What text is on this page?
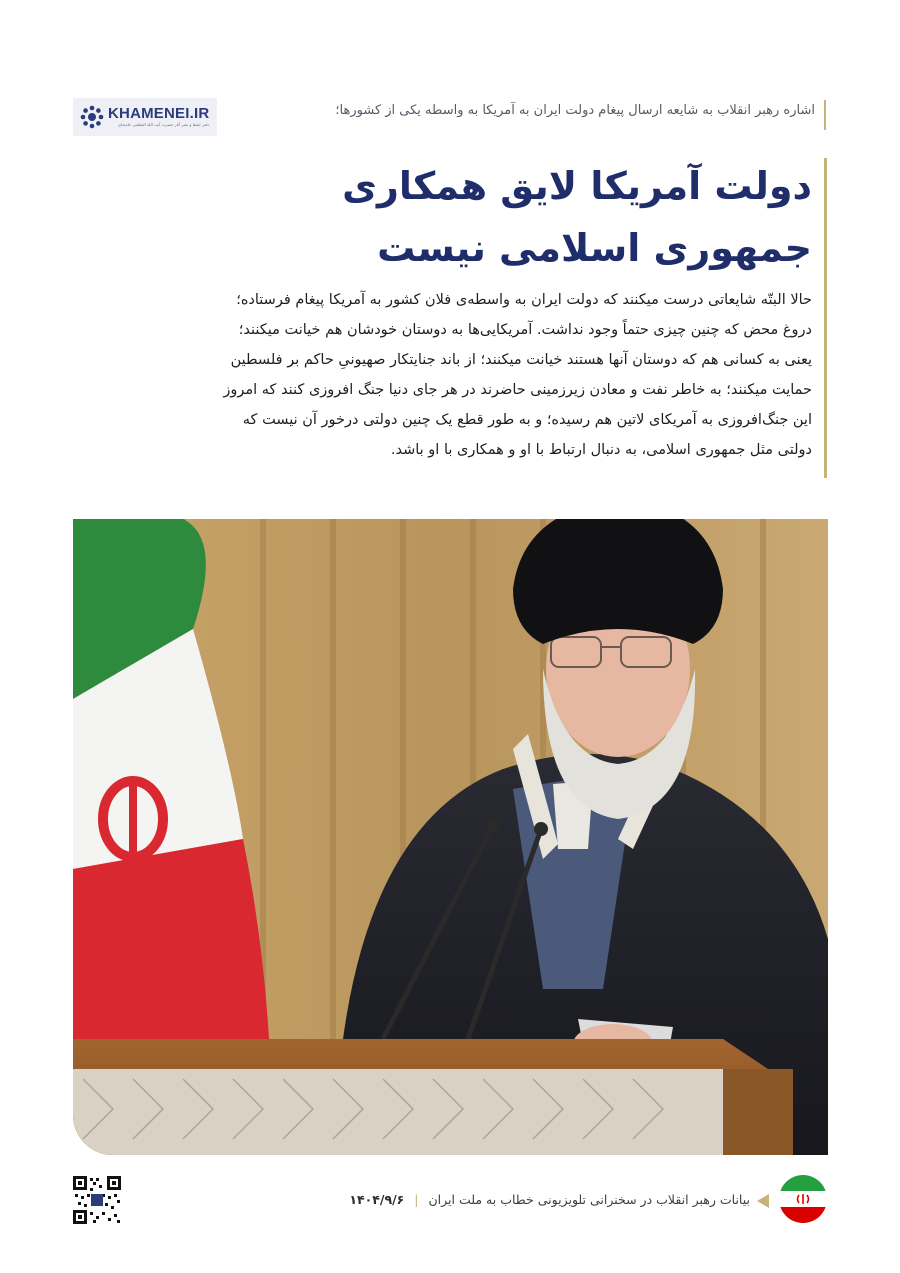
KHAMENEI.IR
دفتر حفظ و نشر آثار حضرت آیت الله العظمی خامنه‌ای
اشاره رهبر انقلاب به شایعه ارسال پیغام دولت ایران به آمریکا به واسطه یکی از کشورها؛
دولت آمریکا لایق همکاری
جمهوری اسلامی نیست
حالا البتّه شایعاتی درست میکنند که دولت ایران به واسطه‌ی فلان کشور به آمریکا پیغام فرستاده؛
دروغ محض که چنین چیزی حتماً وجود نداشت. آمریکایی‌ها به دوستان خودشان هم خیانت میکنند؛
یعنی به کسانی هم که دوستان آنها هستند خیانت میکنند؛ از باند جنایتکار صهیونیِ حاکم بر فلسطین
حمایت میکنند؛ به خاطر نفت و معادن زیرزمینی حاضرند در هر جای دنیا جنگ افروزی کنند که امروز
این جنگ‌افروزی به آمریکای لاتین هم رسیده؛ و به طور قطع یک چنین دولتی درخور آن نیست که
دولتی مثل جمهوری اسلامی، به دنبال ارتباط با او و همکاری با او باشد.
بیانات رهبر انقلاب در سخنرانی تلویزیونی خطاب به ملت ایران | ۱۴۰۴/۹/۶
